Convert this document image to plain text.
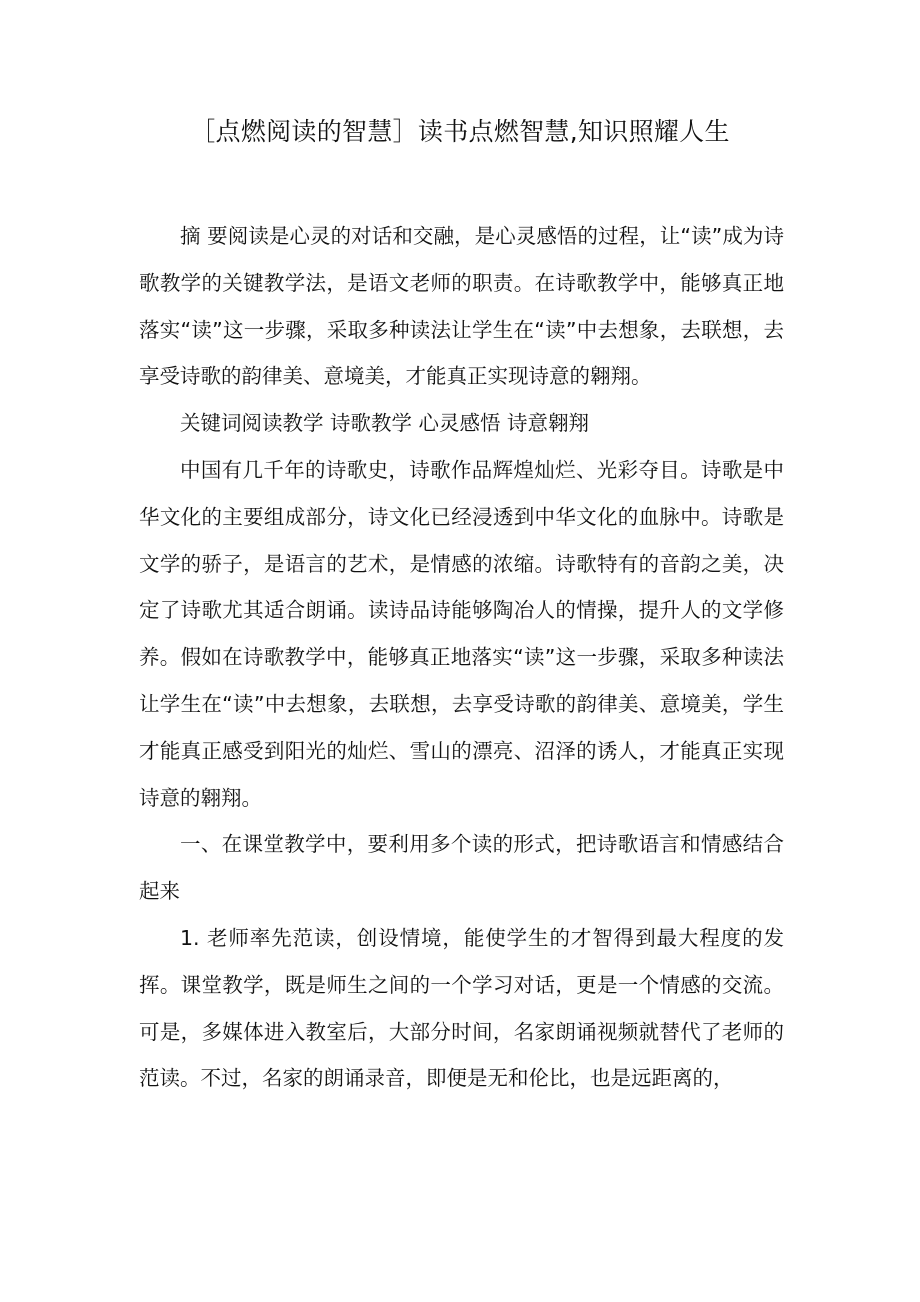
［点燃阅读的智慧］读书点燃智慧,知识照耀人生

摘 要阅读是心灵的对话和交融，是心灵感悟的过程，让“读”成为诗歌教学的关键教学法，是语文老师的职责。在诗歌教学中，能够真正地落实“读”这一步骤，采取多种读法让学生在“读”中去想象，去联想，去享受诗歌的韵律美、意境美，才能真正实现诗意的翱翔。

关键词阅读教学 诗歌教学 心灵感悟 诗意翱翔

中国有几千年的诗歌史，诗歌作品辉煌灿烂、光彩夺目。诗歌是中华文化的主要组成部分，诗文化已经浸透到中华文化的血脉中。诗歌是文学的骄子，是语言的艺术，是情感的浓缩。诗歌特有的音韵之美，决定了诗歌尤其适合朗诵。读诗品诗能够陶冶人的情操，提升人的文学修养。假如在诗歌教学中，能够真正地落实“读”这一步骤，采取多种读法让学生在“读”中去想象，去联想，去享受诗歌的韵律美、意境美，学生才能真正感受到阳光的灿烂、雪山的漂亮、沼泽的诱人，才能真正实现诗意的翱翔。

一、在课堂教学中，要利用多个读的形式，把诗歌语言和情感结合起来

1. 老师率先范读，创设情境，能使学生的才智得到最大程度的发挥。课堂教学，既是师生之间的一个学习对话，更是一个情感的交流。可是，多媒体进入教室后，大部分时间，名家朗诵视频就替代了老师的范读。不过，名家的朗诵录音，即便是无和伦比，也是远距离的，
